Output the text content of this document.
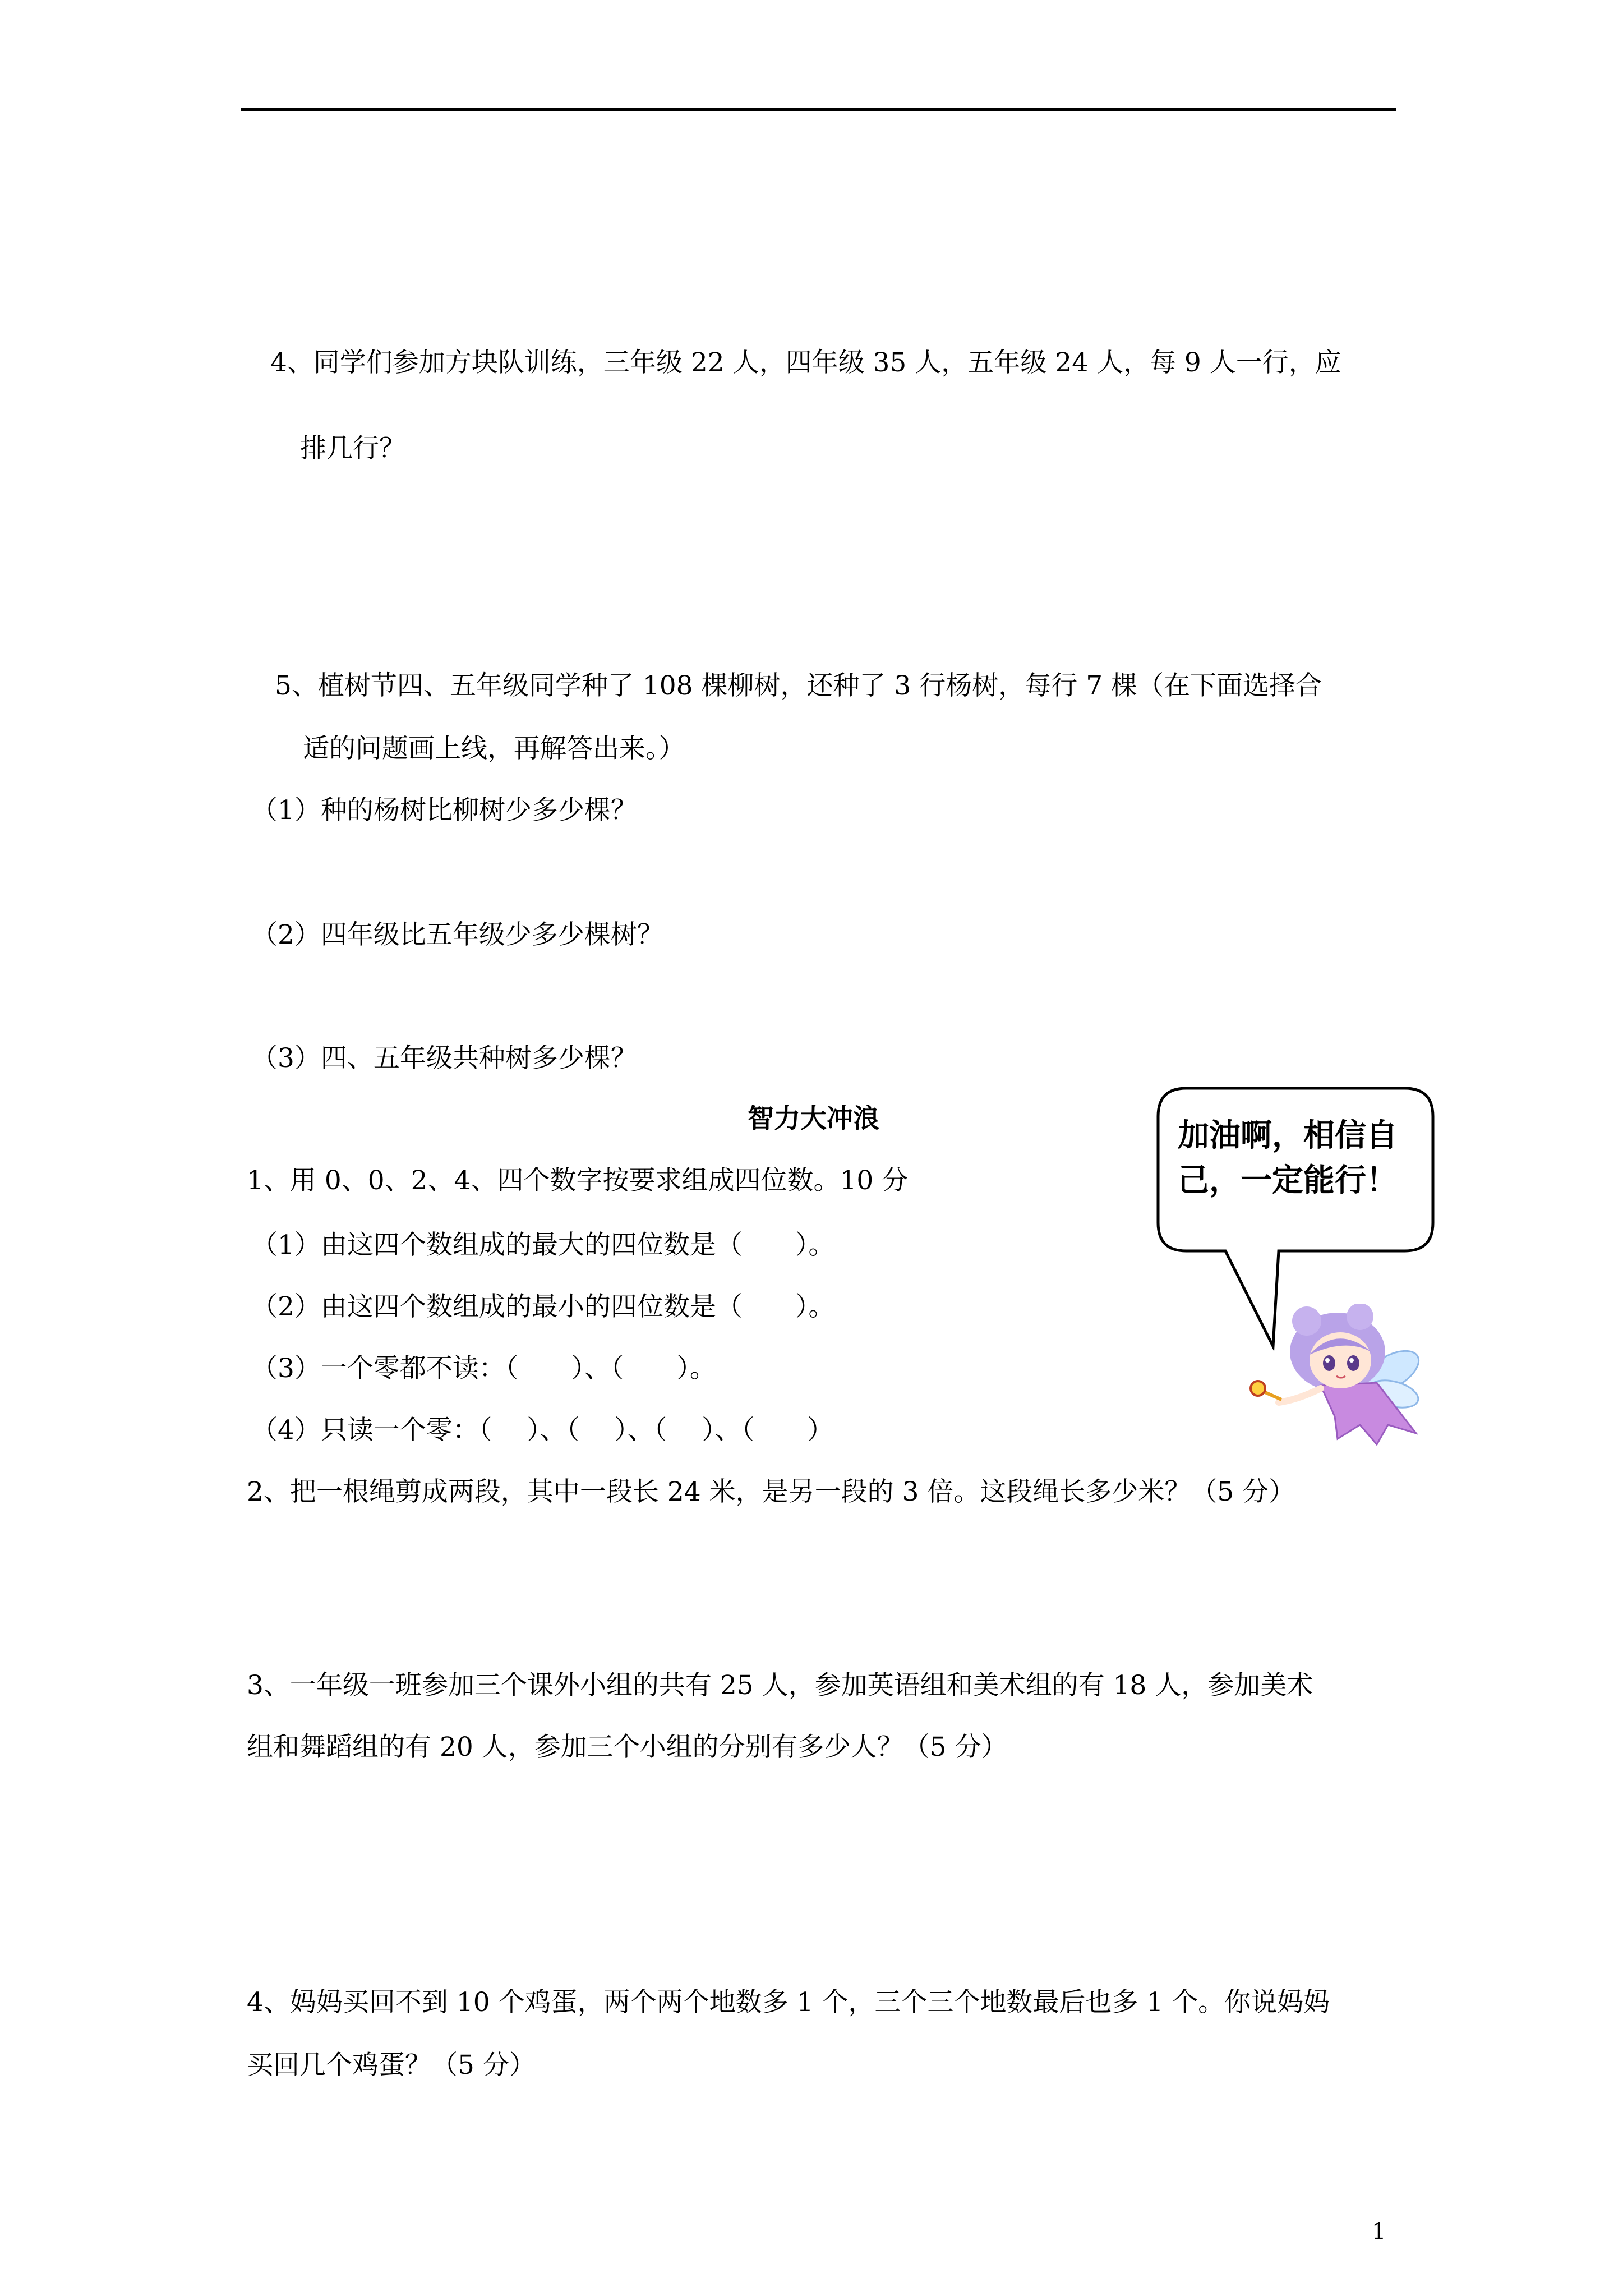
4、同学们参加方块队训练，三年级 22 人，四年级 35 人，五年级 24 人，每 9 人一行，应
排几行？
5、植树节四、五年级同学种了 108 棵柳树，还种了 3 行杨树，每行 7 棵（在下面选择合
适的问题画上线，再解答出来。）
（1）种的杨树比柳树少多少棵？
（2）四年级比五年级少多少棵树？
（3）四、五年级共种树多少棵？
智力大冲浪
1、用 0、0、2、4、四个数字按要求组成四位数。10 分
（1）由这四个数组成的最大的四位数是（　　）。
（2）由这四个数组成的最小的四位数是（　　）。
（3）一个零都不读：（　　）、（　　）。
（4）只读一个零：（　 ）、（　 ）、（　 ）、（　　）
2、把一根绳剪成两段，其中一段长 24 米，是另一段的 3 倍。这段绳长多少米？（5 分）
3、一年级一班参加三个课外小组的共有 25 人，参加英语组和美术组的有 18 人，参加美术
组和舞蹈组的有 20 人，参加三个小组的分别有多少人？（5 分）
4、妈妈买回不到 10 个鸡蛋，两个两个地数多 1 个，三个三个地数最后也多 1 个。你说妈妈
买回几个鸡蛋？（5 分）
加油啊，相信自己，一定能行！
1
